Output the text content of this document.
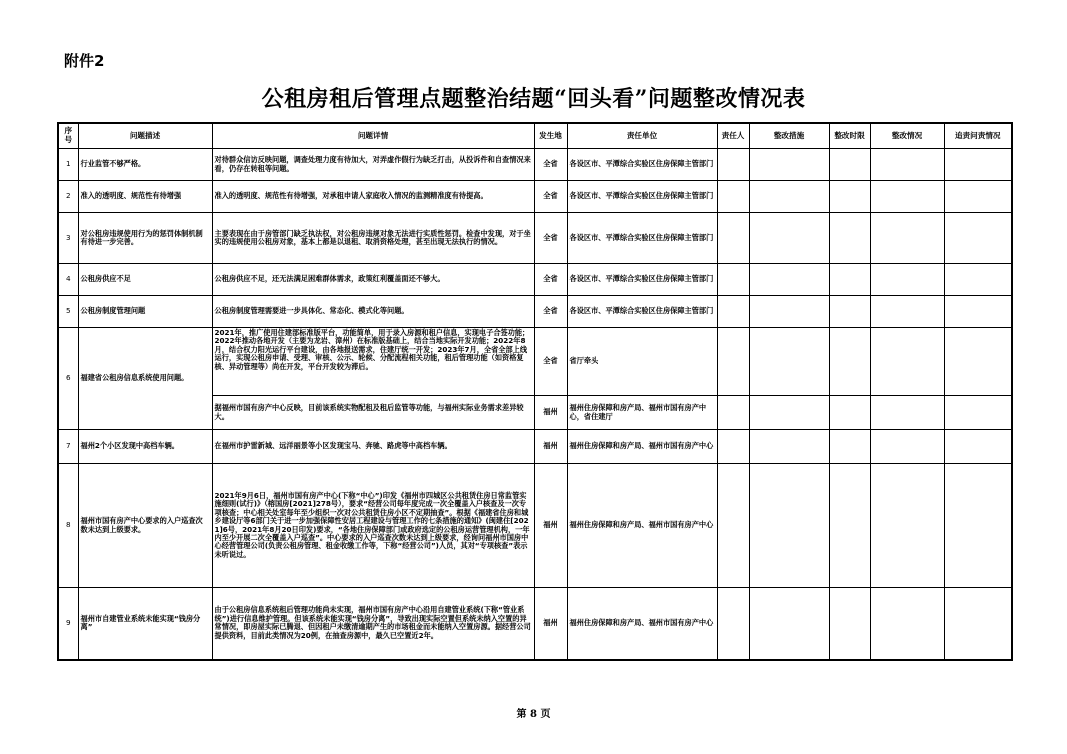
附件2
公租房租后管理点题整治结题“回头看”问题整改情况表
序号	问题描述	问题详情	发生地	责任单位	责任人	整改措施	整改时限	整改情况	追责问责情况
1	行业监管不够严格。	对待群众信访反映问题，调查处理力度有待加大，对弄虚作假行为缺乏打击，从投诉件和自查情况来看，仍存在转租等问题。	全省	各设区市、平潭综合实验区住房保障主管部门					
2	准入的透明度、规范性有待增强	准入的透明度、规范性有待增强，对承租申请人家庭收入情况的监测精准度有待提高。	全省	各设区市、平潭综合实验区住房保障主管部门					
3	对公租房违规使用行为的惩罚体制机制有待进一步完善。	主要表现在由于房管部门缺乏执法权，对公租房违规对象无法进行实质性惩罚。检查中发现，对于坐实的违规使用公租房对象，基本上都是以退租、取消资格处理，甚至出现无法执行的情况。	全省	各设区市、平潭综合实验区住房保障主管部门					
4	公租房供应不足	公租房供应不足，还无法满足困难群体需求，政策红利覆盖面还不够大。	全省	各设区市、平潭综合实验区住房保障主管部门					
5	公租房制度管理问题	公租房制度管理需要进一步具体化、常态化、模式化等问题。	全省	各设区市、平潭综合实验区住房保障主管部门					
6	福建省公租房信息系统使用问题。	2021年，推广使用住建部标准版平台，功能简单，用于录入房源和租户信息，实现电子合签功能；2022年推动各地开发（主要为龙岩、漳州）在标准版基础上，结合当地实际开发功能；2022年8月，结合权力阳光运行平台建设，由各地报送需求，住建厅统一开发；2023年7月，全省全部上线运行，实现公租房申请、受理、审核、公示、轮候、分配流程相关功能，租后管理功能（如资格复核、异动管理等）尚在开发，平台开发较为滞后。	全省	省厅牵头					
		据福州市国有房产中心反映，目前该系统实物配租及租后监管等功能，与福州实际业务需求差异较大。	福州	福州住房保障和房产局、福州市国有房产中心，省住建厅					
7	福州2个小区发现中高档车辆。	在福州市护雷新城、远洋丽景等小区发现宝马、奔驰、路虎等中高档车辆。	福州	福州住房保障和房产局、福州市国有房产中心					
8	福州市国有房产中心要求的入户巡查次数未达到上级要求。	2021年9月6日，福州市国有房产中心(下称“中心”)印发《福州市四城区公共租赁住房日常监管实施细则(试行)》（榕国房[2021]278号），要求“经营公司每年度完成一次全覆盖入户核查及一次专项核查；中心相关处室每年至少组织一次对公共租赁住房小区不定期抽查”。根据《福建省住房和城乡建设厅等6部门关于进一步加强保障性安居工程建设与管理工作的七条措施的通知》(闽建住[2021]6号，2021年8月20日印发)要求，“各地住房保障部门或政府选定的公租房运营管理机构，一年内至少开展二次全覆盖入户巡查”。中心要求的入户巡查次数未达到上级要求，经询问福州市国房中心经营管理公司(负责公租房管理、租金收缴工作等，下称“经营公司”)人员，其对“专项核查”表示未听说过。	福州	福州住房保障和房产局、福州市国有房产中心					
9	福州市自建管业系统未能实现“钱房分离”	由于公租房信息系统租后管理功能尚未实现，福州市国有房产中心沿用自建管业系统(下称“管业系统”)进行信息维护管理。但该系统未能实现“钱房分离”，导致出现实际空置但系统未纳入空置的异常情况，即房屋实际已腾退、但因租户未缴清逾期产生的市场租金而未能纳入空置房源。据经营公司提供资料，目前此类情况为20例，在抽查房源中，最久已空置近2年。	福州	福州住房保障和房产局、福州市国有房产中心					
第 8 页
